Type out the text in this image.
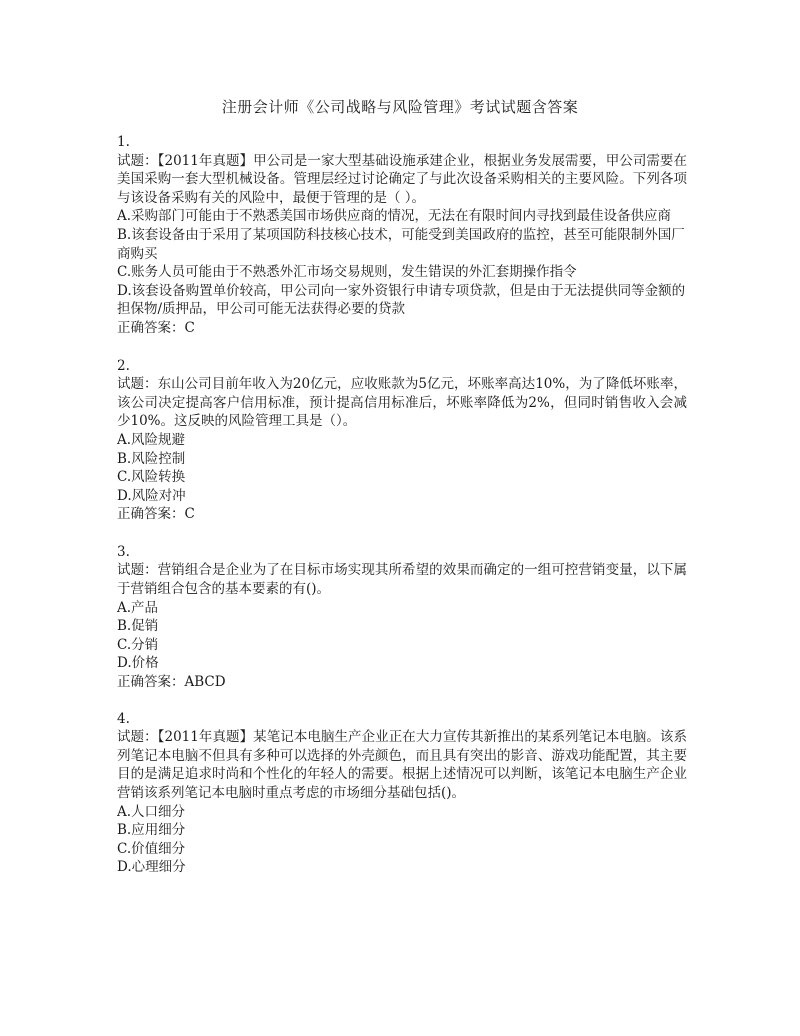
注册会计师《公司战略与风险管理》考试试题含答案
1.
试题：【2011年真题】甲公司是一家大型基础设施承建企业，根据业务发展需要，甲公司需要在美国采购一套大型机械设备。管理层经过讨论确定了与此次设备采购相关的主要风险。下列各项与该设备采购有关的风险中，最便于管理的是（ ）。
A.采购部门可能由于不熟悉美国市场供应商的情况，无法在有限时间内寻找到最佳设备供应商
B.该套设备由于采用了某项国防科技核心技术，可能受到美国政府的监控，甚至可能限制外国厂商购买
C.账务人员可能由于不熟悉外汇市场交易规则，发生错误的外汇套期操作指令
D.该套设备购置单价较高，甲公司向一家外资银行申请专项贷款，但是由于无法提供同等金额的担保物/质押品，甲公司可能无法获得必要的贷款
正确答案：C
2.
试题：东山公司目前年收入为20亿元，应收账款为5亿元，坏账率高达10%，为了降低坏账率，该公司决定提高客户信用标准，预计提高信用标准后，坏账率降低为2%，但同时销售收入会减少10%。这反映的风险管理工具是（）。
A.风险规避
B.风险控制
C.风险转换
D.风险对冲
正确答案：C
3.
试题：营销组合是企业为了在目标市场实现其所希望的效果而确定的一组可控营销变量，以下属于营销组合包含的基本要素的有()。
A.产品
B.促销
C.分销
D.价格
正确答案：ABCD
4.
试题：【2011年真题】某笔记本电脑生产企业正在大力宣传其新推出的某系列笔记本电脑。该系列笔记本电脑不但具有多种可以选择的外壳颜色，而且具有突出的影音、游戏功能配置，其主要目的是满足追求时尚和个性化的年轻人的需要。根据上述情况可以判断，该笔记本电脑生产企业营销该系列笔记本电脑时重点考虑的市场细分基础包括()。
A.人口细分
B.应用细分
C.价值细分
D.心理细分
